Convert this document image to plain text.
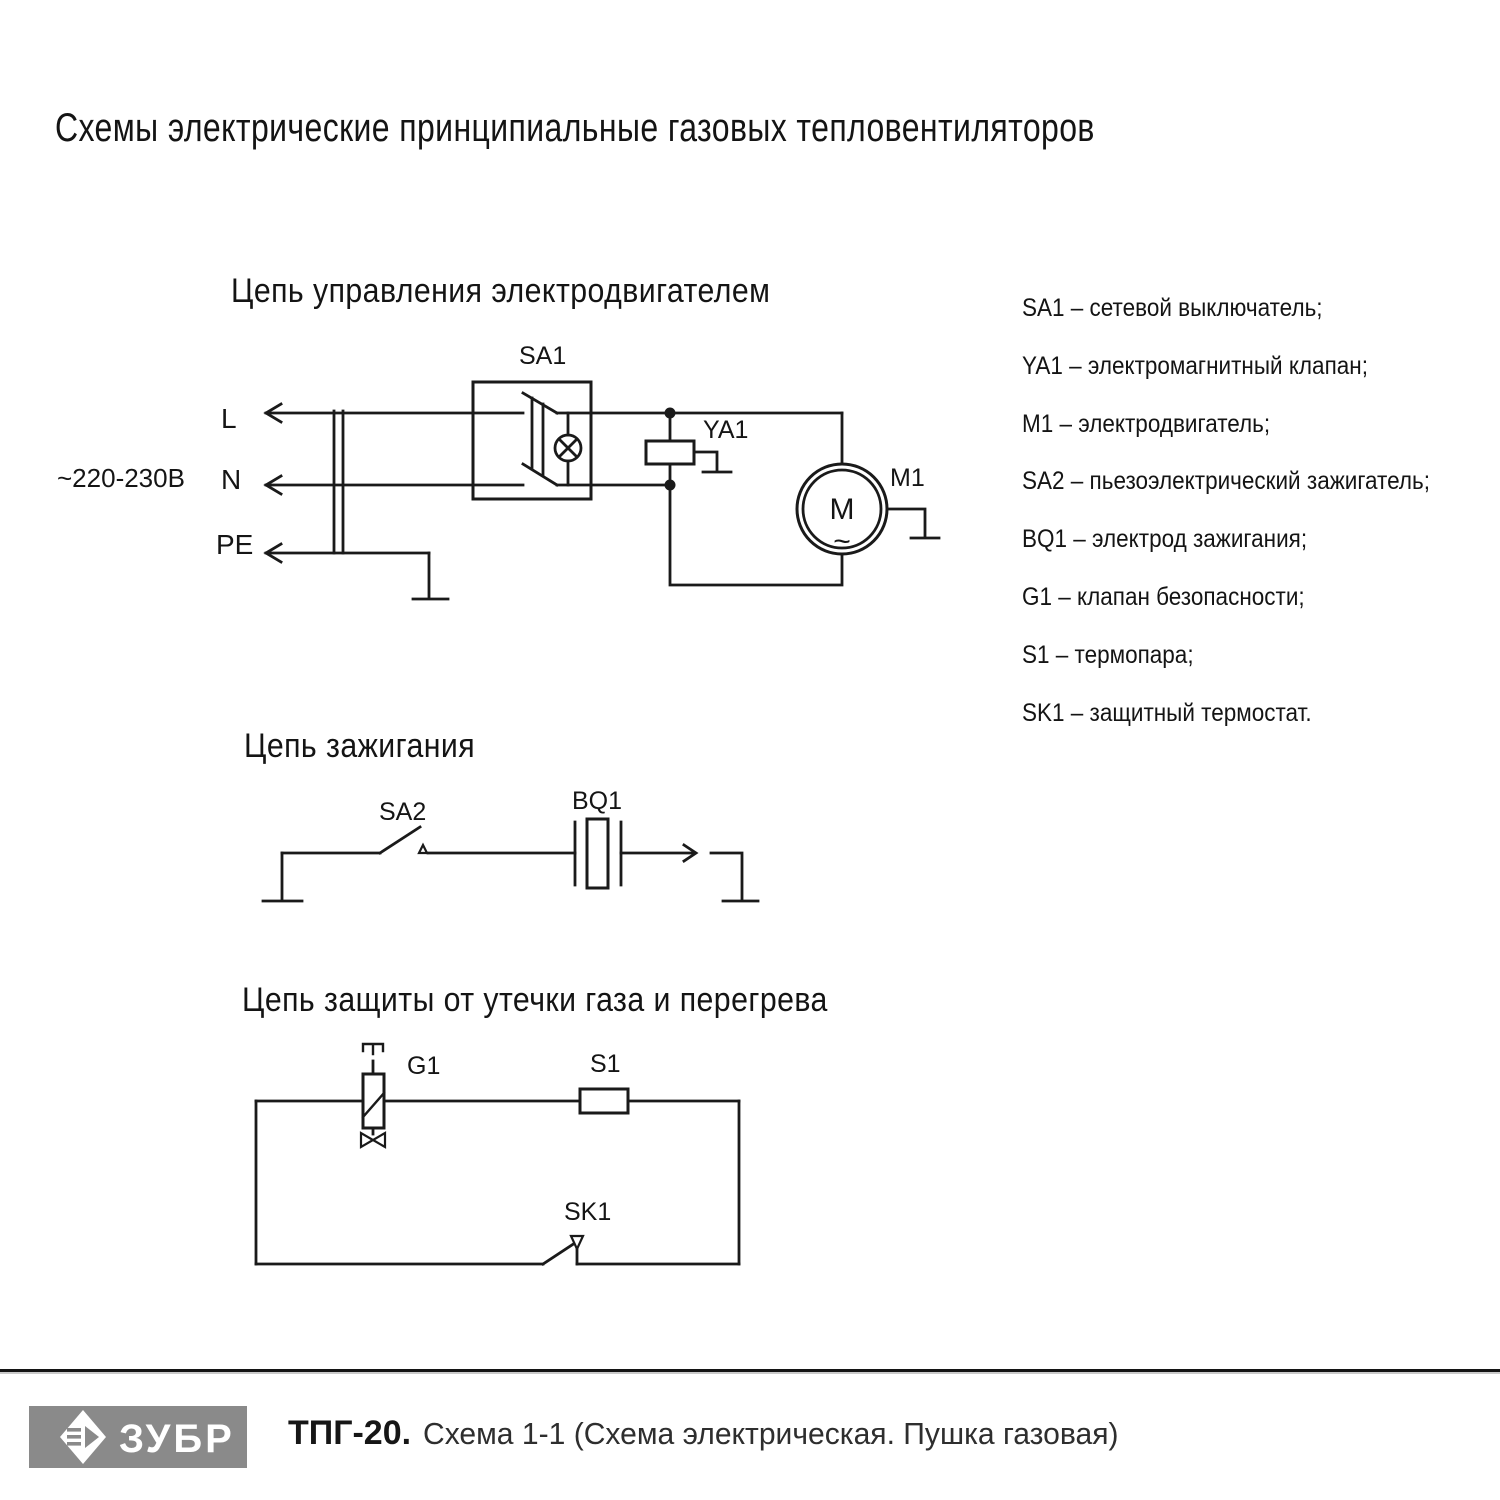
Схемы электрические принципиальные газовых тепловентиляторов
Цепь управления электродвигателем
Цепь зажигания
Цепь защиты от утечки газа и перегрева
SA1 – сетевой выключатель;
YA1 – электромагнитный клапан;
M1 – электродвигатель;
SA2 – пьезоэлектрический зажигатель;
BQ1 – электрод зажигания;
G1 – клапан безопасности;
S1 – термопара;
SK1 – защитный термостат.
~220-230В
L
N
PE
SA1
YA1
M1
M
~
SA2	BQ1
G1	S1
SK1
ЗУБР ТПГ-20. Схема 1-1 (Схема электрическая. Пушка газовая)
